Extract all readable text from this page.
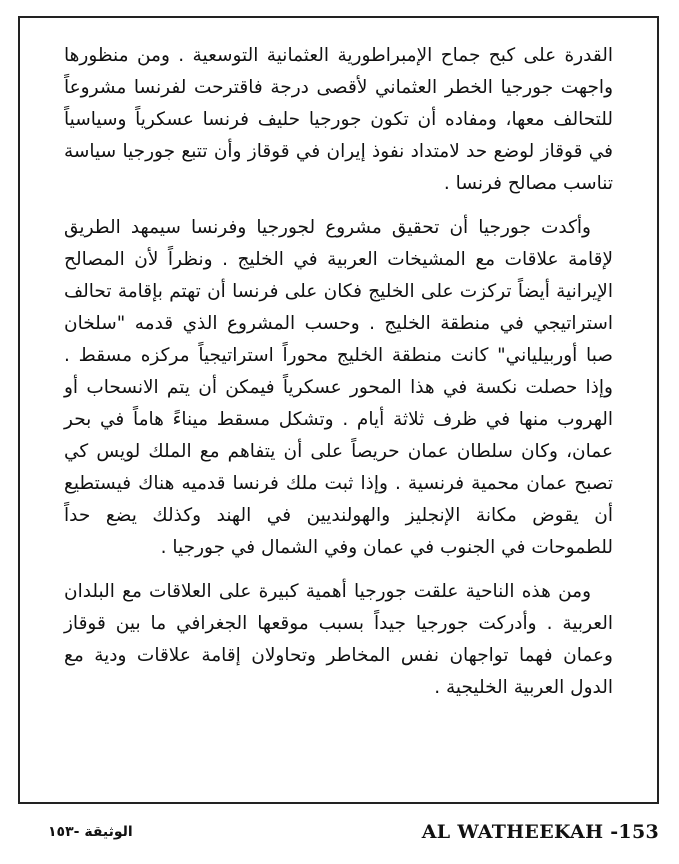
القدرة على كبح جماح الإمبراطورية العثمانية التوسعية . ومن منظورها واجهت جورجيا الخطر العثماني لأقصى درجة فاقترحت لفرنسا مشروعاً للتحالف معها، ومفاده أن تكون جورجيا حليف فرنسا عسكرياً وسياسياً في قوقاز لوضع حد لامتداد نفوذ إيران في قوقاز وأن تتبع جورجيا سياسة تناسب مصالح فرنسا .

وأكدت جورجيا أن تحقيق مشروع لجورجيا وفرنسا سيمهد الطريق لإقامة علاقات مع المشيخات العربية في الخليج . ونظراً لأن المصالح الإيرانية أيضاً تركزت على الخليج فكان على فرنسا أن تهتم بإقامة تحالف استراتيجي في منطقة الخليج . وحسب المشروع الذي قدمه "سلخان صبا أوربيلياني" كانت منطقة الخليج محوراً استراتيجياً مركزه مسقط . وإذا حصلت نكسة في هذا المحور عسكرياً فيمكن أن يتم الانسحاب أو الهروب منها في ظرف ثلاثة أيام . وتشكل مسقط ميناءً هاماً في بحر عمان، وكان سلطان عمان حريصاً على أن يتفاهم مع الملك لويس كي تصبح عمان محمية فرنسية . وإذا ثبت ملك فرنسا قدميه هناك فيستطيع أن يقوض مكانة الإنجليز والهولنديين في الهند وكذلك يضع حداً للطموحات في الجنوب في عمان وفي الشمال في جورجيا .

ومن هذه الناحية علقت جورجيا أهمية كبيرة على العلاقات مع البلدان العربية . وأدركت جورجيا جيداً بسبب موقعها الجغرافي ما بين قوقاز وعمان فهما تواجهان نفس المخاطر وتحاولان إقامة علاقات ودية مع الدول العربية الخليجية .

الوثيقة -١٥٣	AL WATHEEKAH -153
